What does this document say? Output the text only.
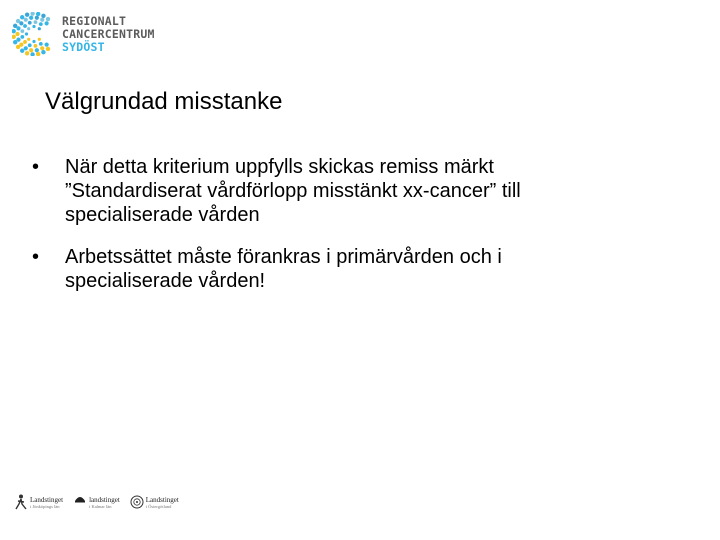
REGIONALT
CANCERCENTRUM
SYDÖST
Välgrundad misstanke
•	När detta kriterium uppfylls skickas remiss märkt
”Standardiserat vårdförlopp misstänkt xx-cancer” till
specialiserade vården
•	Arbetssättet måste förankras i primärvården och i
specialiserade vården!
Landstinget
i Jönköpings län
landstinget
i Kalmar län
Landstinget
i Östergötland
